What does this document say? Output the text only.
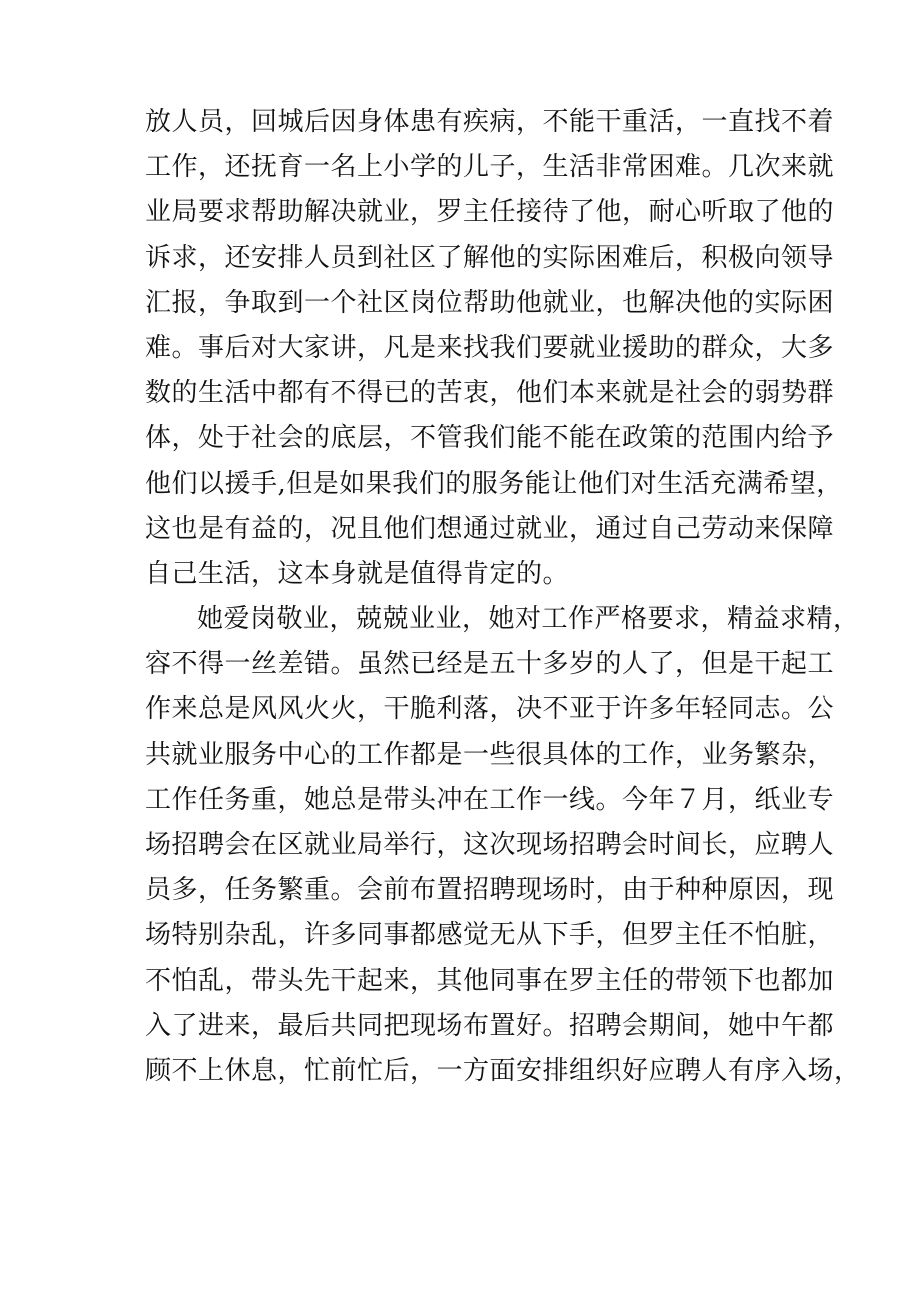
放人员，回城后因身体患有疾病，不能干重活，一直找不着
工作，还抚育一名上小学的儿子，生活非常困难。几次来就
业局要求帮助解决就业，罗主任接待了他，耐心听取了他的
诉求，还安排人员到社区了解他的实际困难后，积极向领导
汇报，争取到一个社区岗位帮助他就业，也解决他的实际困
难。事后对大家讲，凡是来找我们要就业援助的群众，大多
数的生活中都有不得已的苦衷，他们本来就是社会的弱势群
体，处于社会的底层，不管我们能不能在政策的范围内给予
他们以援手,但是如果我们的服务能让他们对生活充满希望，
这也是有益的，况且他们想通过就业，通过自己劳动来保障
自己生活，这本身就是值得肯定的。
她爱岗敬业，兢兢业业，她对工作严格要求，精益求精，
容不得一丝差错。虽然已经是五十多岁的人了，但是干起工
作来总是风风火火，干脆利落，决不亚于许多年轻同志。公
共就业服务中心的工作都是一些很具体的工作，业务繁杂，
工作任务重，她总是带头冲在工作一线。今年７月，纸业专
场招聘会在区就业局举行，这次现场招聘会时间长，应聘人
员多，任务繁重。会前布置招聘现场时，由于种种原因，现
场特别杂乱，许多同事都感觉无从下手，但罗主任不怕脏，
不怕乱，带头先干起来，其他同事在罗主任的带领下也都加
入了进来，最后共同把现场布置好。招聘会期间，她中午都
顾不上休息，忙前忙后，一方面安排组织好应聘人有序入场，
